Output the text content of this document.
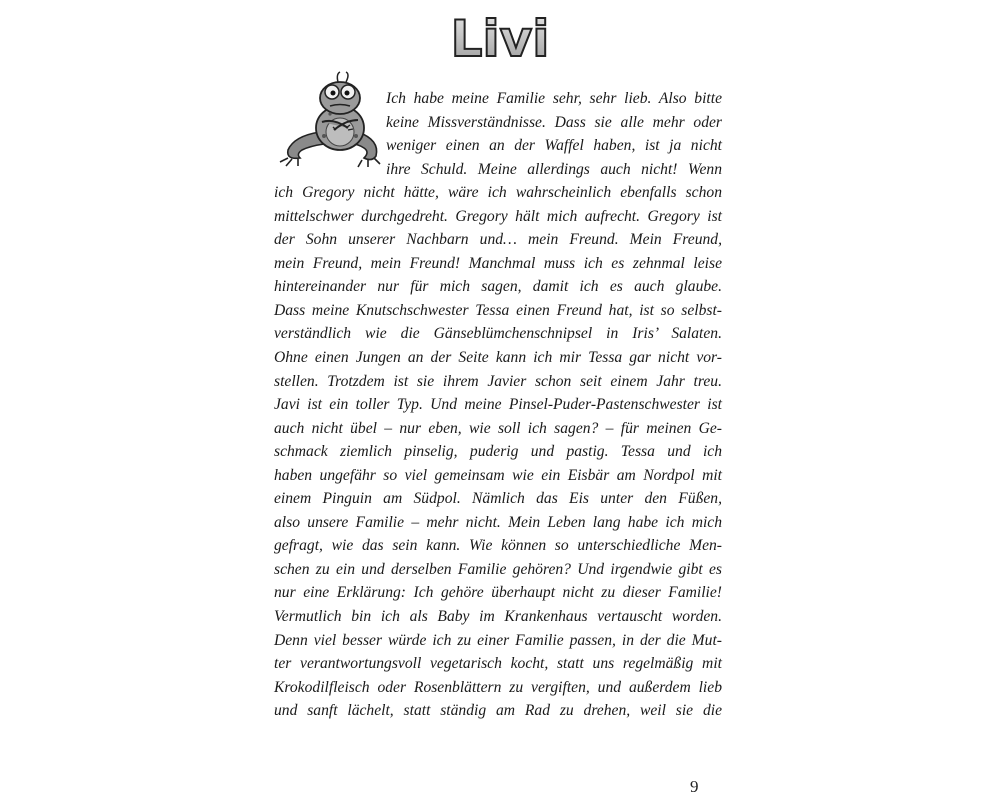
Livi
Ich habe meine Familie sehr, sehr lieb. Also bitte
keine Missverständnisse. Dass sie alle mehr oder
weniger einen an der Waffel haben, ist ja nicht
ihre Schuld. Meine allerdings auch nicht! Wenn
ich Gregory nicht hätte, wäre ich wahrscheinlich ebenfalls schon
mittelschwer durchgedreht. Gregory hält mich aufrecht. Gregory ist
der Sohn unserer Nachbarn und… mein Freund. Mein Freund,
mein Freund, mein Freund! Manchmal muss ich es zehnmal leise
hintereinander nur für mich sagen, damit ich es auch glaube.
Dass meine Knutschschwester Tessa einen Freund hat, ist so selbst-
verständlich wie die Gänseblümchenschnipsel in Iris’ Salaten.
Ohne einen Jungen an der Seite kann ich mir Tessa gar nicht vor-
stellen. Trotzdem ist sie ihrem Javier schon seit einem Jahr treu.
Javi ist ein toller Typ. Und meine Pinsel-Puder-Pastenschwester ist
auch nicht übel – nur eben, wie soll ich sagen? – für meinen Ge-
schmack ziemlich pinselig, puderig und pastig. Tessa und ich
haben ungefähr so viel gemeinsam wie ein Eisbär am Nordpol mit
einem Pinguin am Südpol. Nämlich das Eis unter den Füßen,
also unsere Familie – mehr nicht. Mein Leben lang habe ich mich
gefragt, wie das sein kann. Wie können so unterschiedliche Men-
schen zu ein und derselben Familie gehören? Und irgendwie gibt es
nur eine Erklärung: Ich gehöre überhaupt nicht zu dieser Familie!
Vermutlich bin ich als Baby im Krankenhaus vertauscht worden.
Denn viel besser würde ich zu einer Familie passen, in der die Mut-
ter verantwortungsvoll vegetarisch kocht, statt uns regelmäßig mit
Krokodilfleisch oder Rosenblättern zu vergiften, und außerdem lieb
und sanft lächelt, statt ständig am Rad zu drehen, weil sie die
9
